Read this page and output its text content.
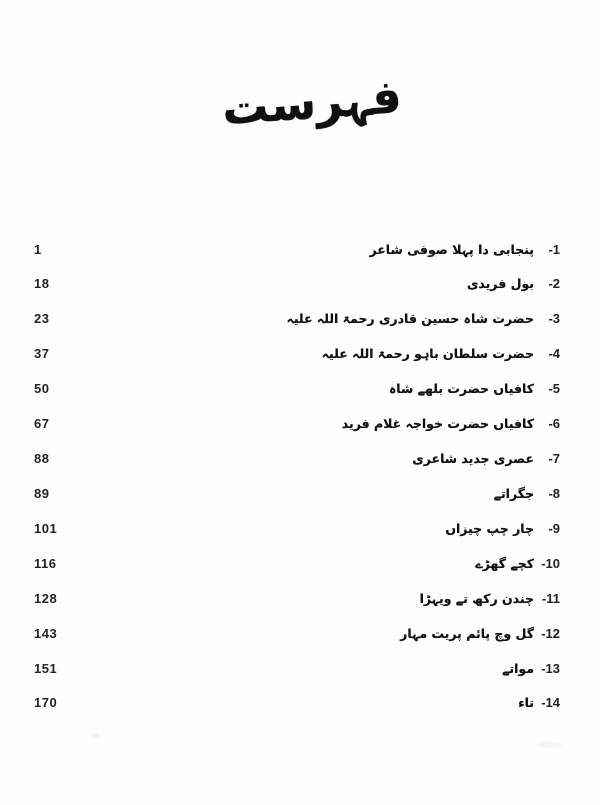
فہرست
1	پنجابی دا پہلا صوفی شاعر -1
18	بول فریدی -2
23	حضرت شاہ حسین قادری رحمۃ اللہ علیہ -3
37	حضرت سلطان باہو رحمۃ اللہ علیہ -4
50	کافیاں حضرت بلھے شاہ -5
67	کافیاں حضرت خواجہ غلام فرید -6
88	عصری جدید شاعری -7
89	جگراتے -8
101	چار چپ چیزاں -9
116	کچے گھڑے -10
128	چندن رکھ تے ویہڑا -11
143	گل وچ پائم پریت مہار -12
151	مواتے -13
170	تاء -14
